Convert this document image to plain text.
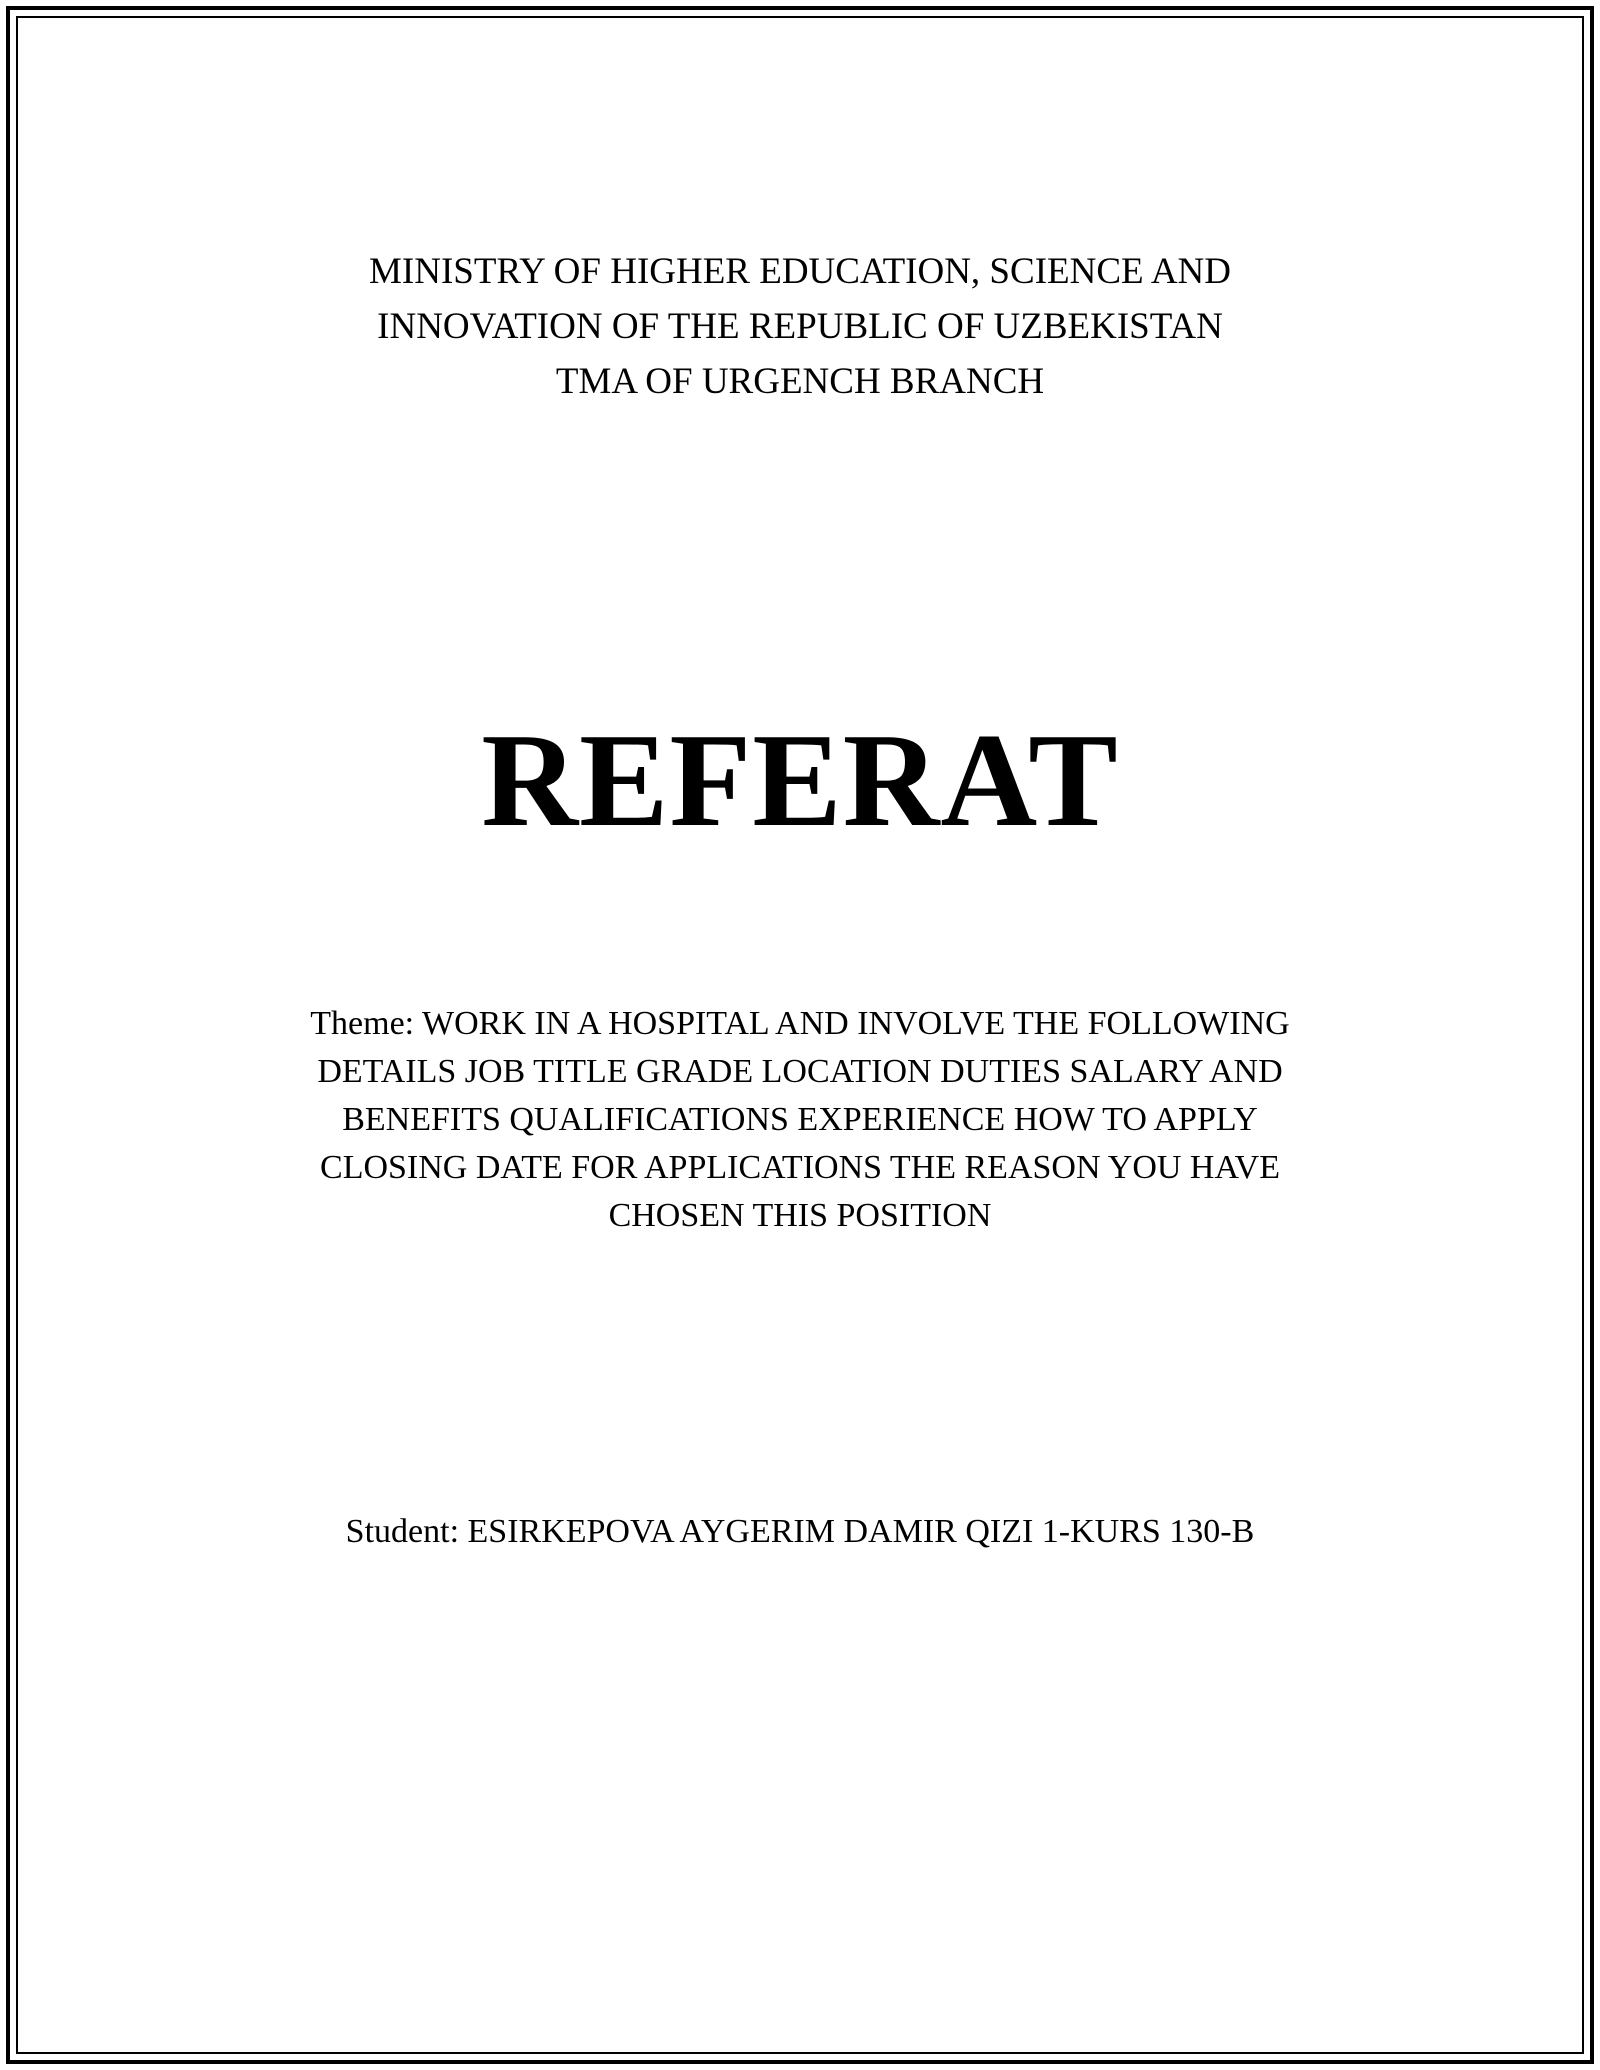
MINISTRY OF HIGHER EDUCATION, SCIENCE AND
INNOVATION OF THE REPUBLIC OF UZBEKISTAN
TMA OF URGENCH BRANCH
REFERAT
Theme: WORK IN A HOSPITAL AND INVOLVE THE FOLLOWING
DETAILS JOB TITLE GRADE LOCATION DUTIES SALARY AND
BENEFITS QUALIFICATIONS EXPERIENCE HOW TO APPLY
CLOSING DATE FOR APPLICATIONS THE REASON YOU HAVE
CHOSEN THIS POSITION
Student: ESIRKEPOVA AYGERIM DAMIR QIZI 1-KURS 130-B
